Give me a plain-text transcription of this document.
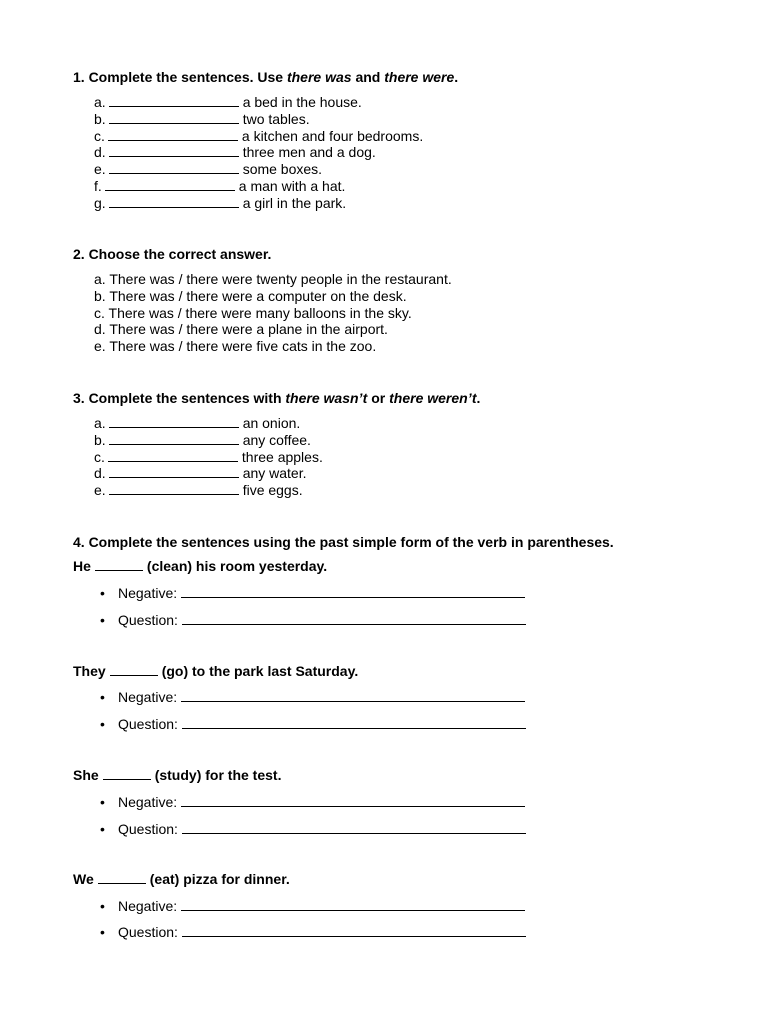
1. Complete the sentences. Use there was and there were.
a.	a bed in the house.
b.	two tables.
c.	a kitchen and four bedrooms.
d.	three men and a dog.
e.	some boxes.
f.	a man with a hat.
g.	a girl in the park.
2. Choose the correct answer.
a. There was / there were twenty people in the restaurant.
b. There was / there were a computer on the desk.
c. There was / there were many balloons in the sky.
d. There was / there were a plane in the airport.
e. There was / there were five cats in the zoo.
3. Complete the sentences with there wasn’t or there weren’t.
a.	an onion.
b.	any coffee.
c.	three apples.
d.	any water.
e.	five eggs.
4. Complete the sentences using the past simple form of the verb in parentheses.
He	(clean) his room yesterday.
• Negative:
• Question:
They	(go) to the park last Saturday.
• Negative:
• Question:
She	(study) for the test.
• Negative:
• Question:
We	(eat) pizza for dinner.
• Negative:
• Question:
